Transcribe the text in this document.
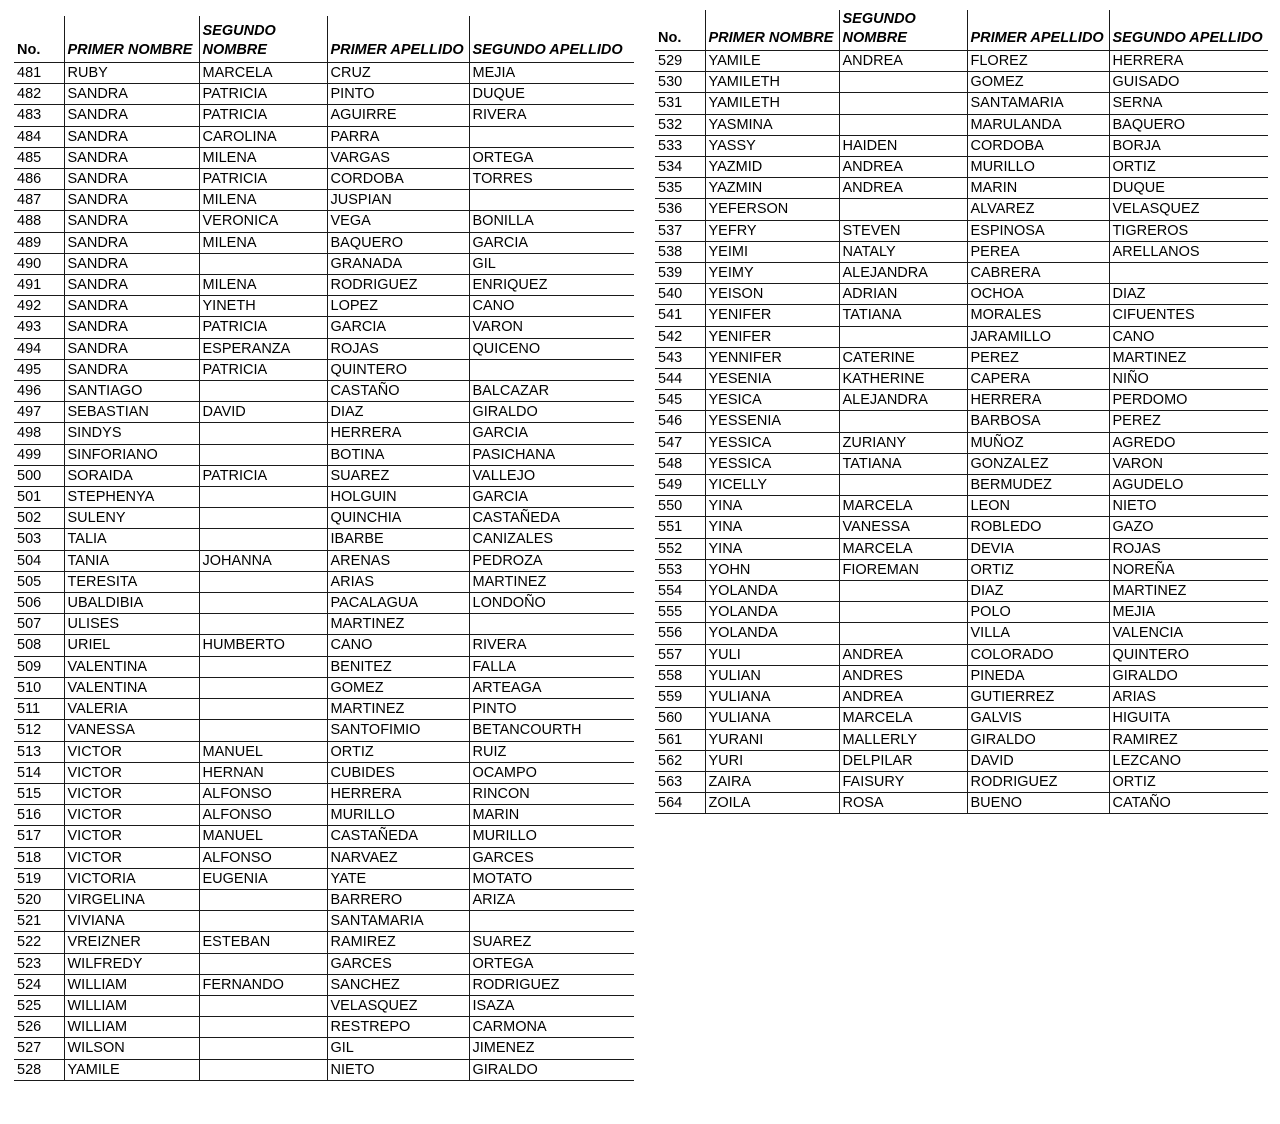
No.	PRIMER NOMBRE	SEGUNDO NOMBRE	PRIMER APELLIDO	SEGUNDO APELLIDO
481	RUBY	MARCELA	CRUZ	MEJIA
482	SANDRA	PATRICIA	PINTO	DUQUE
483	SANDRA	PATRICIA	AGUIRRE	RIVERA
484	SANDRA	CAROLINA	PARRA	
485	SANDRA	MILENA	VARGAS	ORTEGA
486	SANDRA	PATRICIA	CORDOBA	TORRES
487	SANDRA	MILENA	JUSPIAN	
488	SANDRA	VERONICA	VEGA	BONILLA
489	SANDRA	MILENA	BAQUERO	GARCIA
490	SANDRA		GRANADA	GIL
491	SANDRA	MILENA	RODRIGUEZ	ENRIQUEZ
492	SANDRA	YINETH	LOPEZ	CANO
493	SANDRA	PATRICIA	GARCIA	VARON
494	SANDRA	ESPERANZA	ROJAS	QUICENO
495	SANDRA	PATRICIA	QUINTERO	
496	SANTIAGO		CASTAÑO	BALCAZAR
497	SEBASTIAN	DAVID	DIAZ	GIRALDO
498	SINDYS		HERRERA	GARCIA
499	SINFORIANO		BOTINA	PASICHANA
500	SORAIDA	PATRICIA	SUAREZ	VALLEJO
501	STEPHENYA		HOLGUIN	GARCIA
502	SULENY		QUINCHIA	CASTAÑEDA
503	TALIA		IBARBE	CANIZALES
504	TANIA	JOHANNA	ARENAS	PEDROZA
505	TERESITA		ARIAS	MARTINEZ
506	UBALDIBIA		PACALAGUA	LONDOÑO
507	ULISES		MARTINEZ	
508	URIEL	HUMBERTO	CANO	RIVERA
509	VALENTINA		BENITEZ	FALLA
510	VALENTINA		GOMEZ	ARTEAGA
511	VALERIA		MARTINEZ	PINTO
512	VANESSA		SANTOFIMIO	BETANCOURTH
513	VICTOR	MANUEL	ORTIZ	RUIZ
514	VICTOR	HERNAN	CUBIDES	OCAMPO
515	VICTOR	ALFONSO	HERRERA	RINCON
516	VICTOR	ALFONSO	MURILLO	MARIN
517	VICTOR	MANUEL	CASTAÑEDA	MURILLO
518	VICTOR	ALFONSO	NARVAEZ	GARCES
519	VICTORIA	EUGENIA	YATE	MOTATO
520	VIRGELINA		BARRERO	ARIZA
521	VIVIANA		SANTAMARIA	
522	VREIZNER	ESTEBAN	RAMIREZ	SUAREZ
523	WILFREDY		GARCES	ORTEGA
524	WILLIAM	FERNANDO	SANCHEZ	RODRIGUEZ
525	WILLIAM		VELASQUEZ	ISAZA
526	WILLIAM		RESTREPO	CARMONA
527	WILSON		GIL	JIMENEZ
528	YAMILE		NIETO	GIRALDO
No.	PRIMER NOMBRE	SEGUNDO NOMBRE	PRIMER APELLIDO	SEGUNDO APELLIDO
529	YAMILE	ANDREA	FLOREZ	HERRERA
530	YAMILETH		GOMEZ	GUISADO
531	YAMILETH		SANTAMARIA	SERNA
532	YASMINA		MARULANDA	BAQUERO
533	YASSY	HAIDEN	CORDOBA	BORJA
534	YAZMID	ANDREA	MURILLO	ORTIZ
535	YAZMIN	ANDREA	MARIN	DUQUE
536	YEFERSON		ALVAREZ	VELASQUEZ
537	YEFRY	STEVEN	ESPINOSA	TIGREROS
538	YEIMI	NATALY	PEREA	ARELLANOS
539	YEIMY	ALEJANDRA	CABRERA	
540	YEISON	ADRIAN	OCHOA	DIAZ
541	YENIFER	TATIANA	MORALES	CIFUENTES
542	YENIFER		JARAMILLO	CANO
543	YENNIFER	CATERINE	PEREZ	MARTINEZ
544	YESENIA	KATHERINE	CAPERA	NIÑO
545	YESICA	ALEJANDRA	HERRERA	PERDOMO
546	YESSENIA		BARBOSA	PEREZ
547	YESSICA	ZURIANY	MUÑOZ	AGREDO
548	YESSICA	TATIANA	GONZALEZ	VARON
549	YICELLY		BERMUDEZ	AGUDELO
550	YINA	MARCELA	LEON	NIETO
551	YINA	VANESSA	ROBLEDO	GAZO
552	YINA	MARCELA	DEVIA	ROJAS
553	YOHN	FIOREMAN	ORTIZ	NOREÑA
554	YOLANDA		DIAZ	MARTINEZ
555	YOLANDA		POLO	MEJIA
556	YOLANDA		VILLA	VALENCIA
557	YULI	ANDREA	COLORADO	QUINTERO
558	YULIAN	ANDRES	PINEDA	GIRALDO
559	YULIANA	ANDREA	GUTIERREZ	ARIAS
560	YULIANA	MARCELA	GALVIS	HIGUITA
561	YURANI	MALLERLY	GIRALDO	RAMIREZ
562	YURI	DELPILAR	DAVID	LEZCANO
563	ZAIRA	FAISURY	RODRIGUEZ	ORTIZ
564	ZOILA	ROSA	BUENO	CATAÑO
